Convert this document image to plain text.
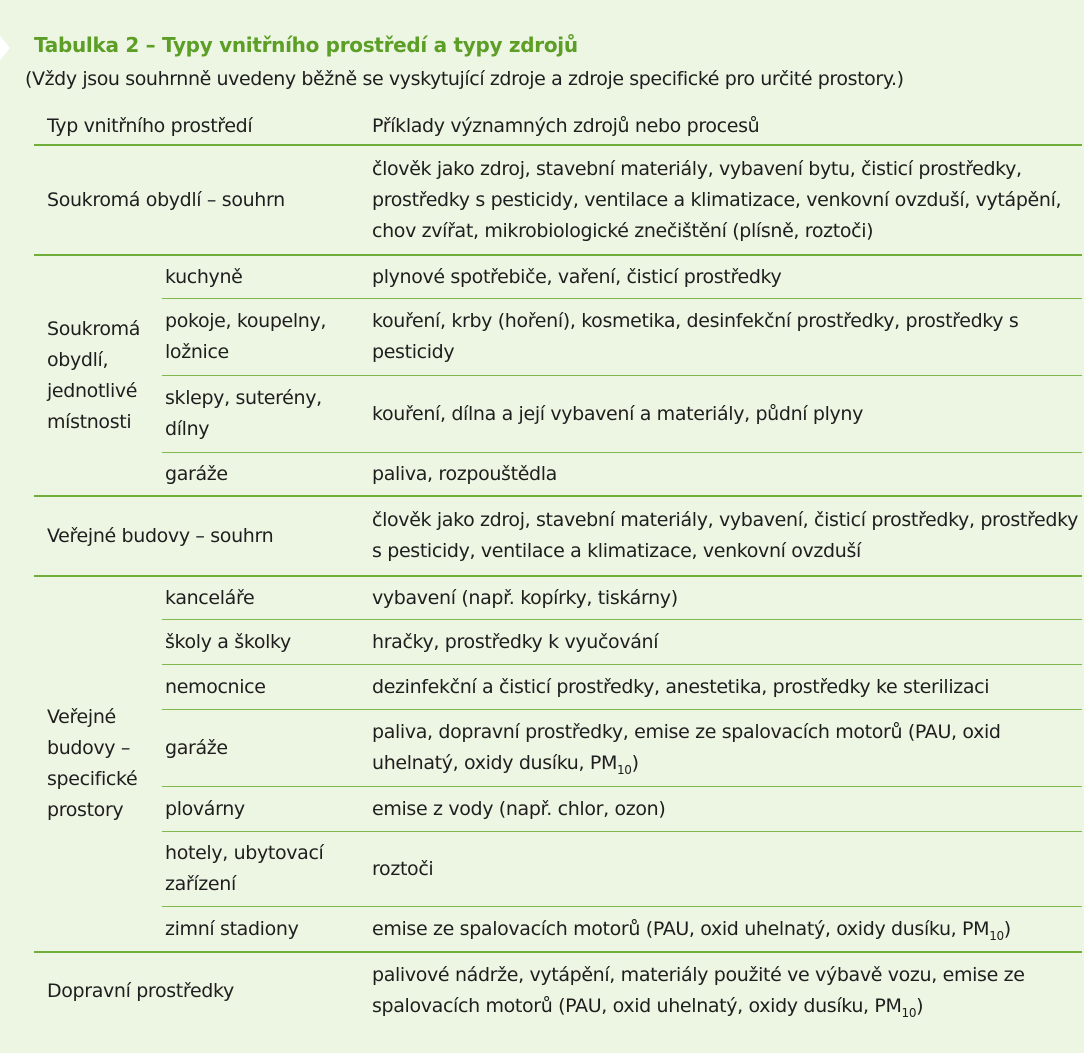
Tabulka 2 – Typy vnitřního prostředí a typy zdrojů
(Vždy jsou souhrnně uvedeny běžně se vyskytující zdroje a zdroje specifické pro určité prostory.)
Typ vnitřního prostředí		Příklady významných zdrojů nebo procesů
Soukromá obydlí – souhrn		člověk jako zdroj, stavební materiály, vybavení bytu, čisticí prostředky, prostředky s pesticidy, ventilace a klimatizace, venkovní ovzduší, vytápění, chov zvířat, mikrobiologické znečištění (plísně, roztoči)
Soukromá obydlí, jednotlivé místnosti	kuchyně	plynové spotřebiče, vaření, čisticí prostředky
	pokoje, koupelny, ložnice	kouření, krby (hoření), kosmetika, desinfekční prostředky, prostředky s pesticidy
	sklepy, suterény, dílny	kouření, dílna a její vybavení a materiály, půdní plyny
	garáže	paliva, rozpouštědla
Veřejné budovy – souhrn		člověk jako zdroj, stavební materiály, vybavení, čisticí prostředky, prostředky s pesticidy, ventilace a klimatizace, venkovní ovzduší
Veřejné budovy – specifické prostory	kanceláře	vybavení (např. kopírky, tiskárny)
	školy a školky	hračky, prostředky k vyučování
	nemocnice	dezinfekční a čisticí prostředky, anestetika, prostředky ke sterilizaci
	garáže	paliva, dopravní prostředky, emise ze spalovacích motorů (PAU, oxid uhelnatý, oxidy dusíku, $PM_{10}$)
	plovárny	emise z vody (např. chlor, ozon)
	hotely, ubytovací zařízení	roztoči
	zimní stadiony	emise ze spalovacích motorů (PAU, oxid uhelnatý, oxidy dusíku, $PM_{10}$)
Dopravní prostředky		palivové nádrže, vytápění, materiály použité ve výbavě vozu, emise ze spalovacích motorů (PAU, oxid uhelnatý, oxidy dusíku, $PM_{10}$)
